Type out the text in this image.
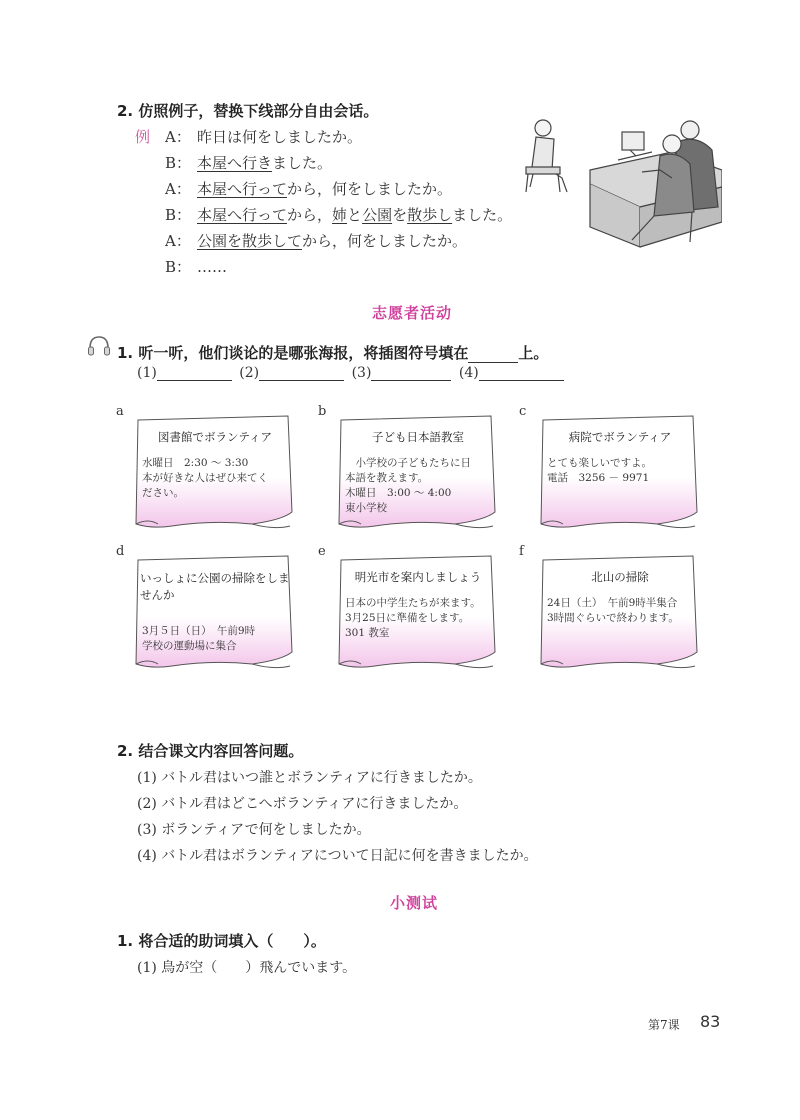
2. 仿照例子，替换下线部分自由会话。
例 A： 昨日は何をしましたか。
B： 本屋へ行きました。
A： 本屋へ行ってから，何をしましたか。
B： 本屋へ行ってから，姉と公園を散歩しました。
A： 公園を散歩してから，何をしましたか。
B： ……
志愿者活动
1. 听一听，他们谈论的是哪张海报，将插图符号填在	上。
(1)	(2)	(3)	(4)
a
図書館でボランティア
水曜日　2:30 ～ 3:30
本が好きな人はぜひ来てく
ださい。
b
子ども日本語教室
　小学校の子どもたちに日
本語を教えます。
木曜日　3:00 ～ 4:00
東小学校
c
病院でボランティア
とても楽しいですよ。
電話　3256 － 9971
d
いっしょに公園の掃除をしませんか
3月５日（日）　午前9時
学校の運動場に集合
e
明光市を案内しましょう
日本の中学生たちが来ます。
3月25日に準備をします。
301 教室
f
北山の掃除
24日（土）　午前9時半集合
3時間ぐらいで終わります。
2. 结合课文内容回答问题。
(1) バトル君はいつ誰とボランティアに行きましたか。
(2) バトル君はどこへボランティアに行きましたか。
(3) ボランティアで何をしましたか。
(4) バトル君はボランティアについて日記に何を書きましたか。
小测试
1. 将合适的助词填入（　　）。
(1) 鳥が空（　　）飛んでいます。
第7课 83
